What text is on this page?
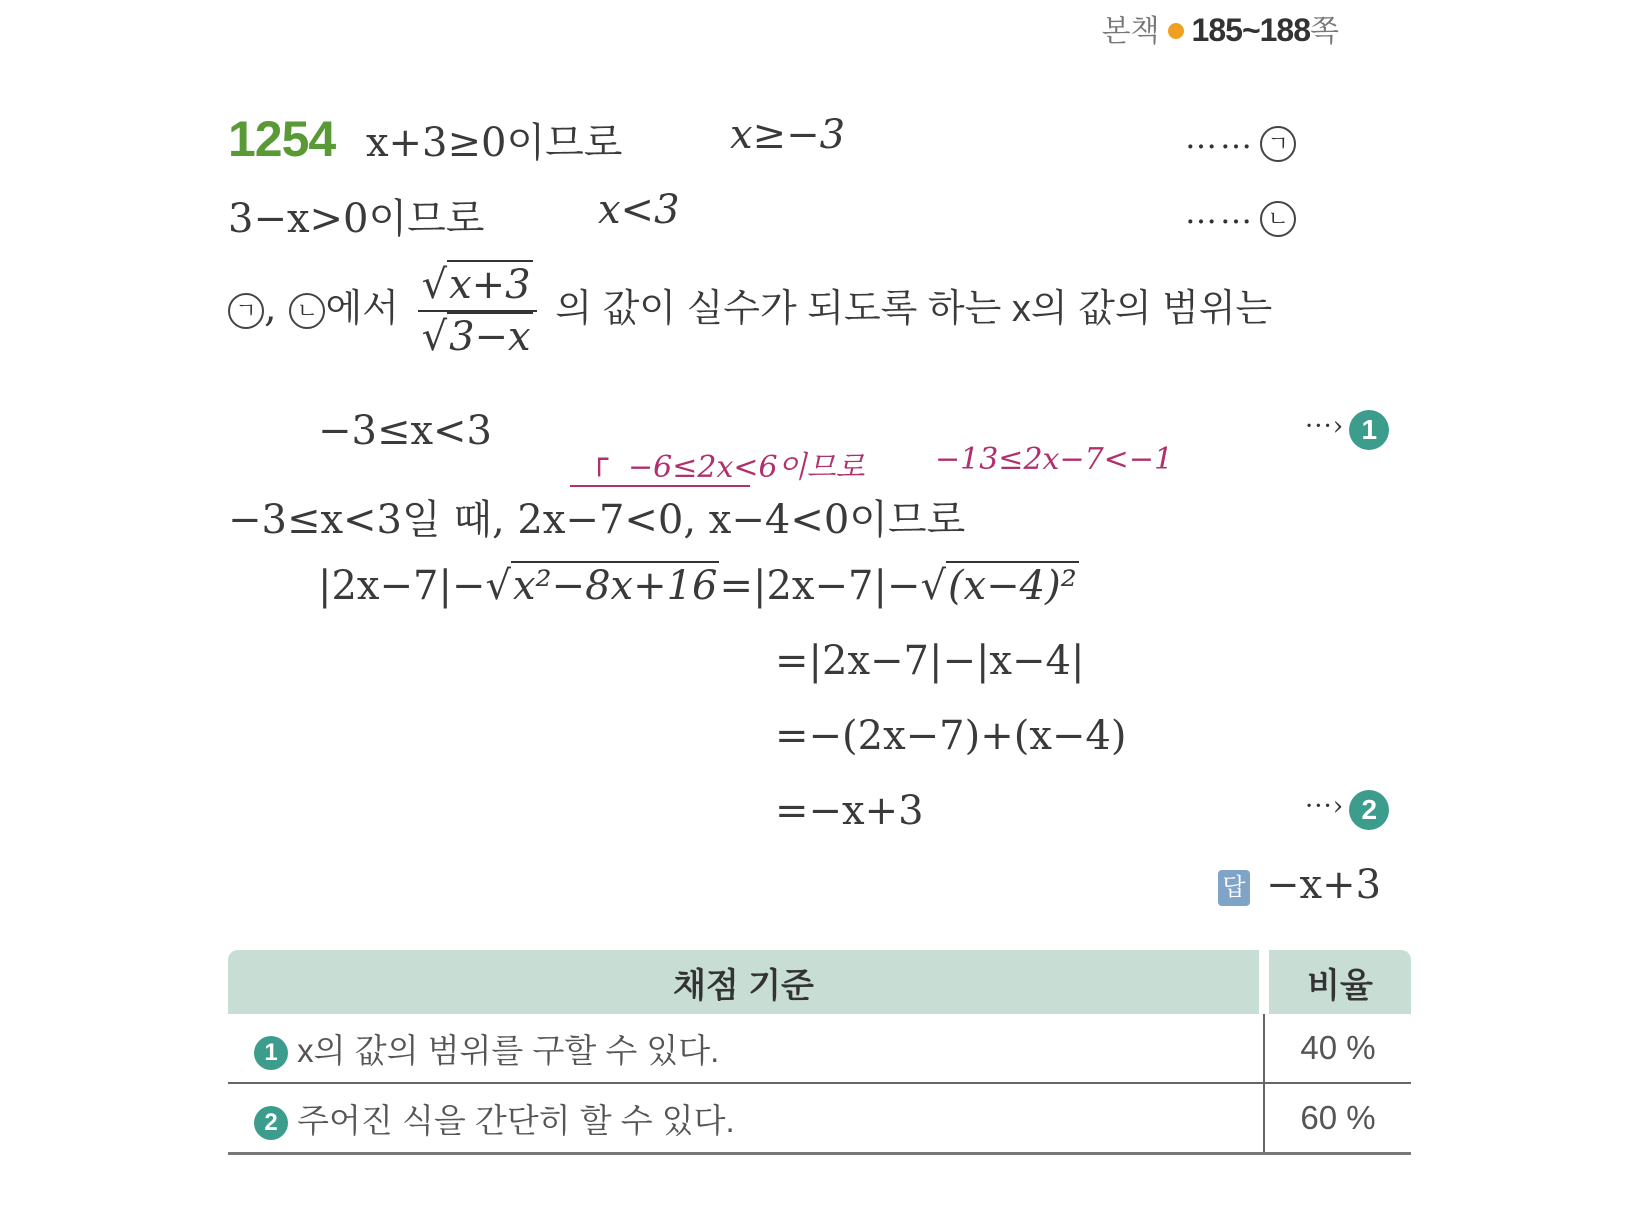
본책 185~188쪽
1254 x+3≥0이므로	x≥−3	…… ㄱ
3−x>0이므로	x<3	…… ㄴ
ㄱ , ㄴ 에서 $\frac{√x+3}{√3-x}$ 의 값이 실수가 되도록 하는 x의 값의 범위는
−3≤x<3	···› 1
┌ −6≤2x<6이므로 −13≤2x−7<−1
−3≤x<3일 때, 2x−7<0, x−4<0이므로
|2x−7|−√x²−8x+16=|2x−7|−√(x−4)²
=|2x−7|−|x−4|
=−(2x−7)+(x−4)
=−x+3	···› 2
답 −x+3
채점 기준	비율
1 x의 값의 범위를 구할 수 있다.	40 %
2 주어진 식을 간단히 할 수 있다.	60 %
